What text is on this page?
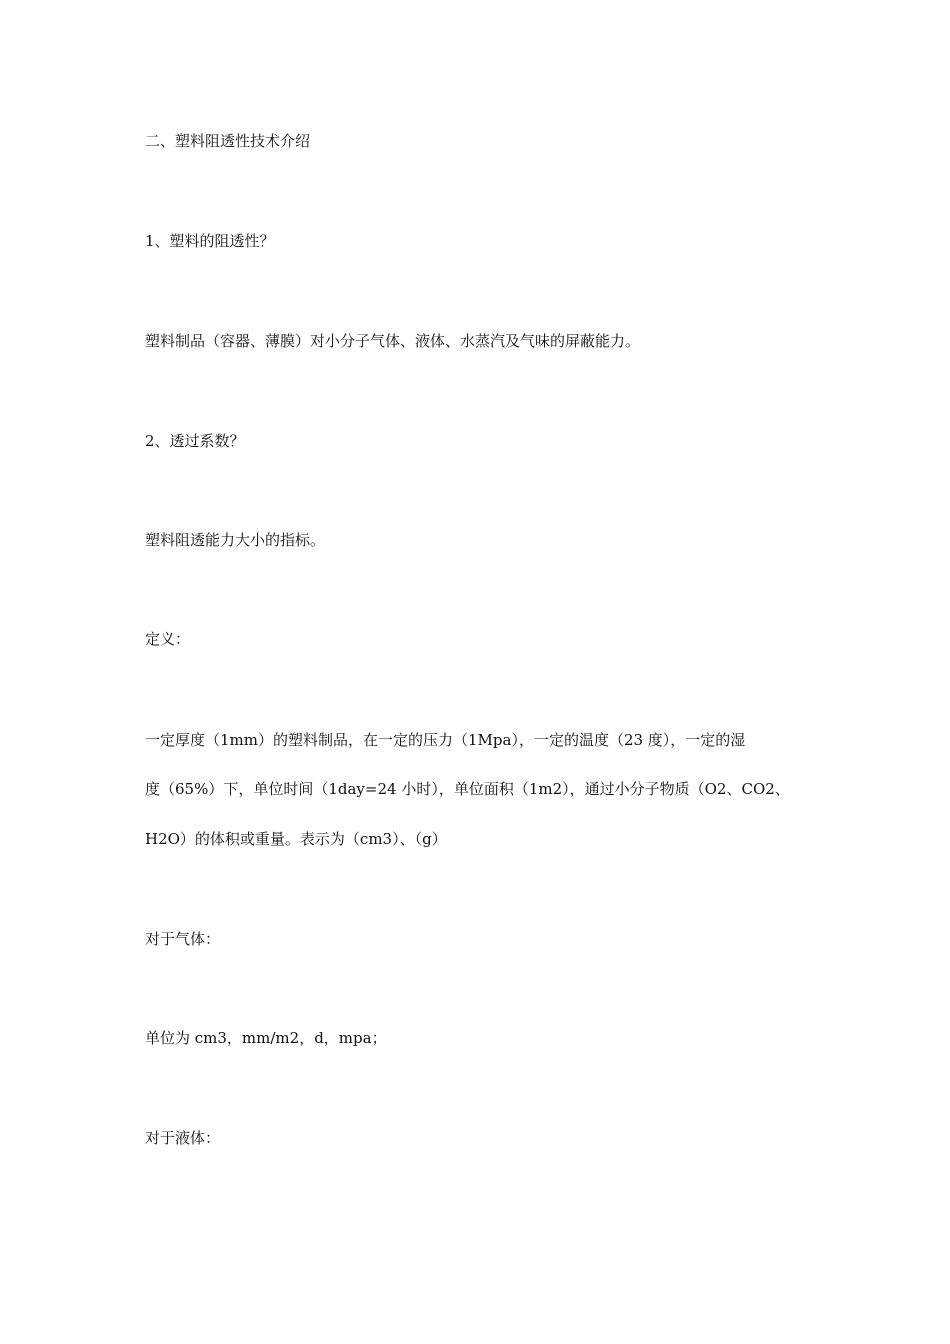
二、塑料阻透性技术介绍
1、塑料的阻透性？
塑料制品（容器、薄膜）对小分子气体、液体、水蒸汽及气味的屏蔽能力。
2、透过系数？
塑料阻透能力大小的指标。
定义：
一定厚度（1mm）的塑料制品，在一定的压力（1Mpa），一定的温度（23 度），一定的湿
度（65%）下，单位时间（1day=24 小时），单位面积（1m2），通过小分子物质（O2、CO2、
H2O）的体积或重量。表示为（cm3）、（g）
对于气体：
单位为 cm3，mm/m2，d，mpa；
对于液体：
